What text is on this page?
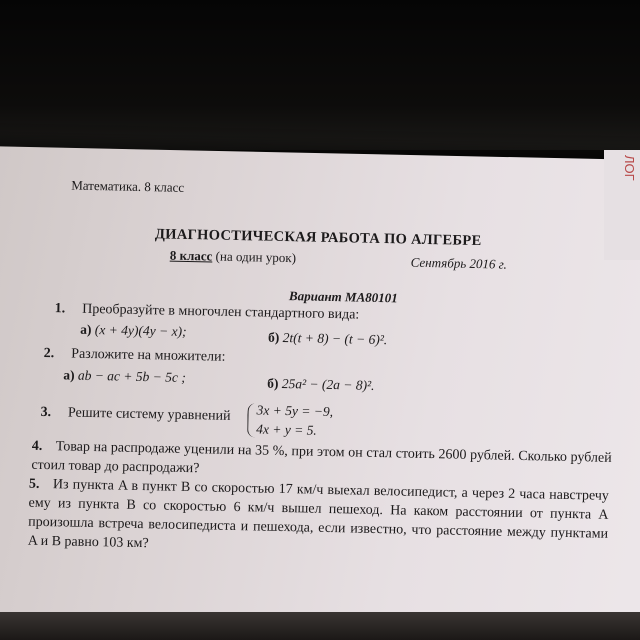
ЛОГ
Математика. 8 класс
ДИАГНОСТИЧЕСКАЯ РАБОТА ПО АЛГЕБРЕ
8 класс (на один урок)	Сентябрь 2016 г.
Вариант МА80101
1. Преобразуйте в многочлен стандартного вида:
а) (x + 4y)(4y − x);	б) 2t(t + 8) − (t − 6)².
2. Разложите на множители:
а) ab − ac + 5b − 5c ;	б) 25a² − (2a − 8)².
3. Решите систему уравнений 3x + 5y = −9,
4x + y = 5.
4. Товар на распродаже уценили на 35 %, при этом он стал стоить 2600 рублей. Сколько рублей стоил товар до распродажи?
5. Из пункта A в пункт B со скоростью 17 км/ч выехал велосипедист, а через 2 часа навстречу ему из пункта B со скоростью 6 км/ч вышел пешеход. На каком расстоянии от пункта A произошла встреча велосипедиста и пешехода, если известно, что расстояние между пунктами A и B равно 103 км?
